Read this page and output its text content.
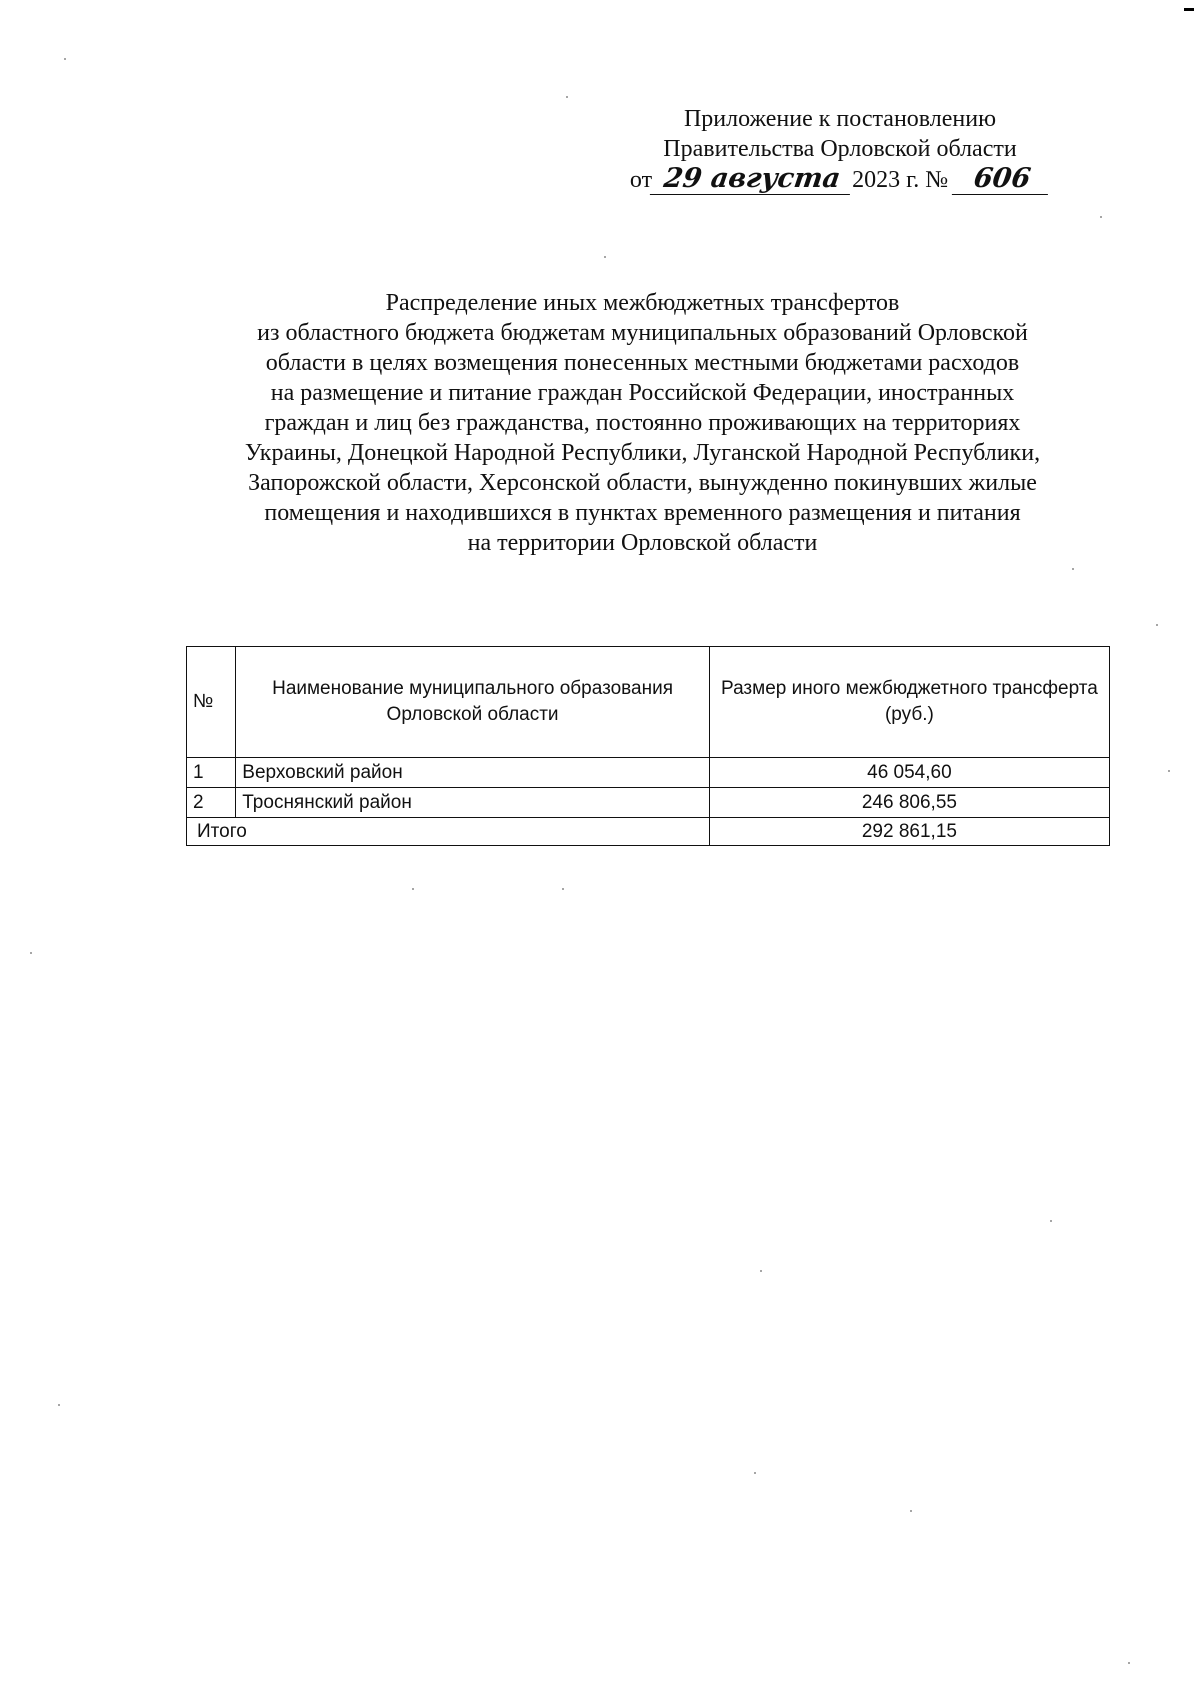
Приложение к постановлению
Правительства Орловской области
от 29 августа 2023 г. № 606
Распределение иных межбюджетных трансфертов
из областного бюджета бюджетам муниципальных образований Орловской
области в целях возмещения понесенных местными бюджетами расходов
на размещение и питание граждан Российской Федерации, иностранных
граждан и лиц без гражданства, постоянно проживающих на территориях
Украины, Донецкой Народной Республики, Луганской Народной Республики,
Запорожской области, Херсонской области, вынужденно покинувших жилые
помещения и находившихся в пунктах временного размещения и питания
на территории Орловской области
№	Наименование муниципального образования Орловской области	Размер иного межбюджетного трансферта (руб.)
1	Верховский район	46 054,60
2	Троснянский район	246 806,55
Итого		292 861,15
